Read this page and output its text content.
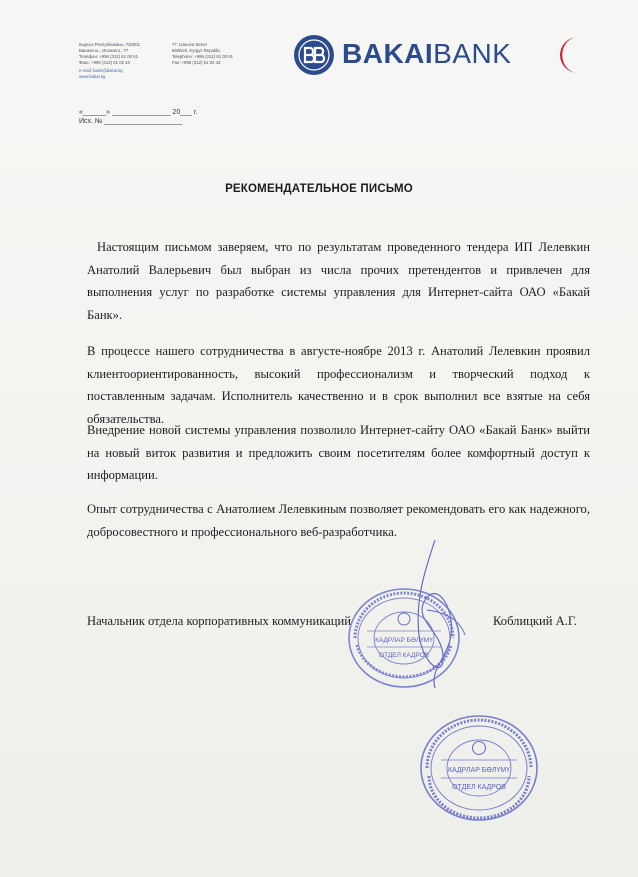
Кыргыз Республикасы, 720001
Бишкек ш., Исанов к., 77
Телефон: +996 (312) 61 00 61
Факс: +996 (312) 61 02 43
e-mail: bank@bakai.kg
www.bakai.kg
77, Isanova Street
Bishkek, Kyrgyz Republic
Telephone: +996 (312) 61 00 61
Fax: +996 (312) 61 02 43	BAKAIBANK
«______» _______________ 20___ г.
Исх. № ____________________
РЕКОМЕНДАТЕЛЬНОЕ ПИСЬМО
Настоящим письмом заверяем, что по результатам проведенного тендера ИП Лелевкин Анатолий Валерьевич был выбран из числа прочих претендентов и привлечен для выполнения услуг по разработке системы управления для Интернет-сайта ОАО «Бакай Банк».
В процессе нашего сотрудничества в августе-ноябре 2013 г. Анатолий Лелевкин проявил клиентоориентированность, высокий профессионализм и творческий подход к поставленным задачам. Исполнитель качественно и в срок выполнил все взятые на себя обязательства.
Внедрение новой системы управления позволило Интернет-сайту ОАО «Бакай Банк» выйти на новый виток развития и предложить своим посетителям более комфортный доступ к информации.
Опыт сотрудничества с Анатолием Лелевкиным позволяет рекомендовать его как надежного, добросовестного и профессионального веб-разработчика.
Начальник отдела корпоративных коммуникаций	Коблицкий А.Г.
КАДРЛАР БӨЛҮМҮ
ОТДЕЛ КАДРОВ
КАДРЛАР БӨЛҮМҮ
ОТДЕЛ КАДРОВ
